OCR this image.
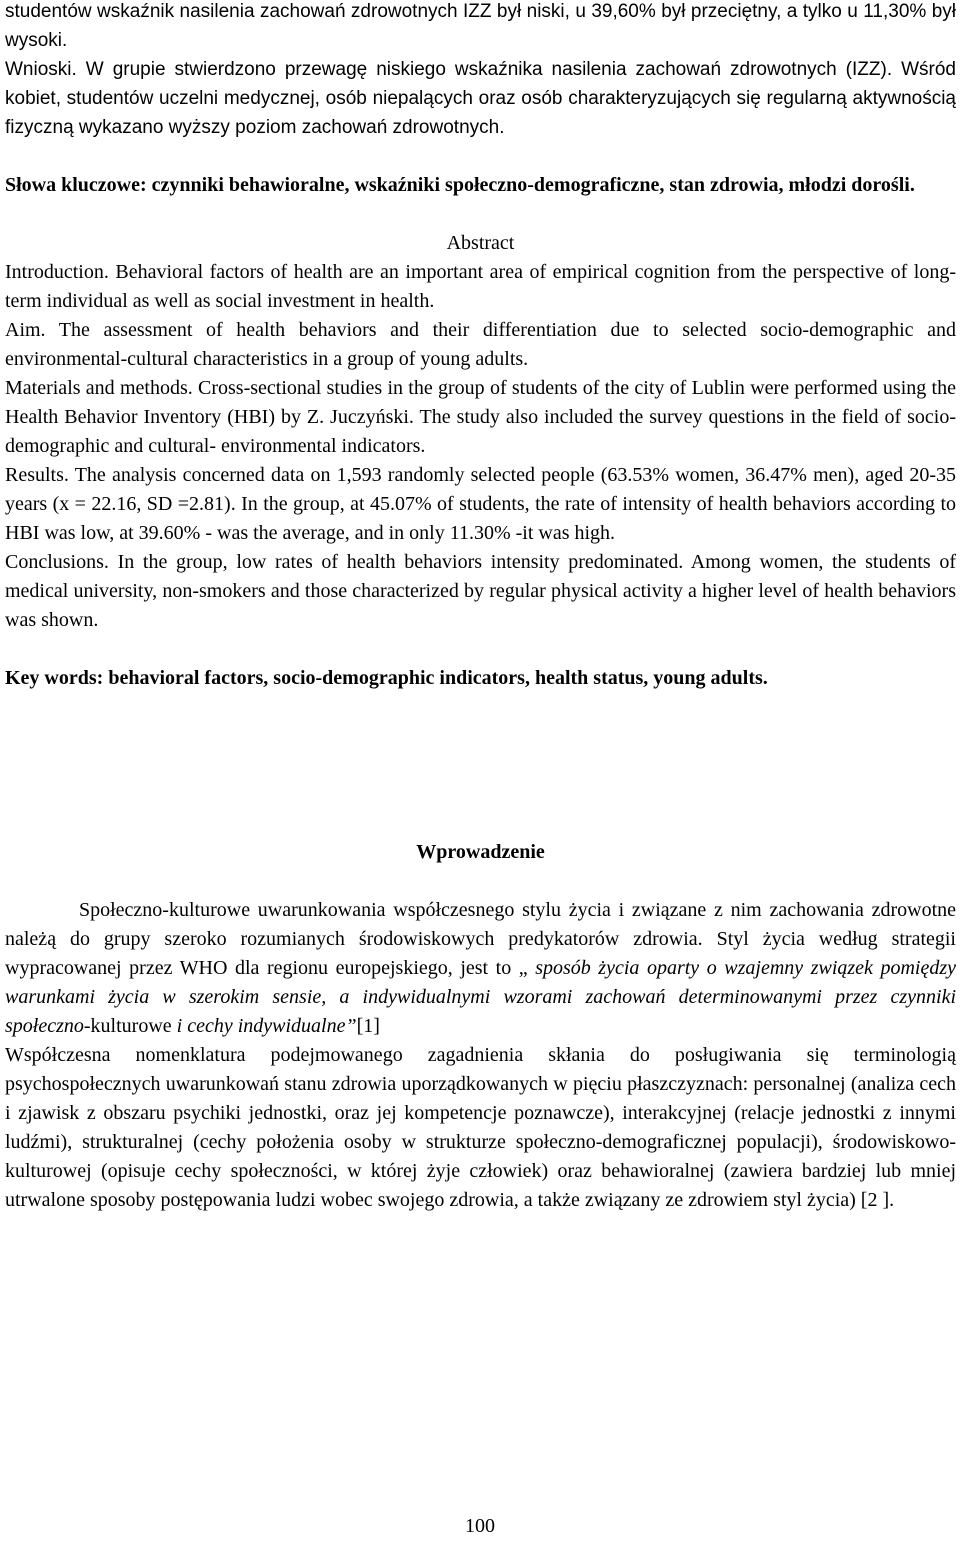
studentów wskaźnik nasilenia zachowań zdrowotnych IZZ był niski, u 39,60% był przeciętny, a tylko u 11,30% był wysoki.

Wnioski. W grupie stwierdzono przewagę niskiego wskaźnika nasilenia zachowań zdrowotnych (IZZ). Wśród kobiet, studentów uczelni medycznej, osób niepalących oraz osób charakteryzujących się regularną aktywnością fizyczną wykazano wyższy poziom zachowań zdrowotnych.

Słowa kluczowe: czynniki behawioralne, wskaźniki społeczno-demograficzne, stan zdrowia, młodzi dorośli.

Abstract

Introduction. Behavioral factors of health are an important area of empirical cognition from the perspective of long-term individual as well as social investment in health.

Aim. The assessment of health behaviors and their differentiation due to selected socio-demographic and environmental-cultural characteristics in a group of young adults.

Materials and methods. Cross-sectional studies in the group of students of the city of Lublin were performed using the Health Behavior Inventory (HBI) by Z. Juczyński. The study also included the survey questions in the field of socio-demographic and cultural- environmental indicators.

Results. The analysis concerned data on 1,593 randomly selected people (63.53% women, 36.47% men), aged 20-35 years (x = 22.16, SD =2.81). In the group, at 45.07% of students, the rate of intensity of health behaviors according to HBI was low, at 39.60% - was the average, and in only 11.30% -it was high.

Conclusions. In the group, low rates of health behaviors intensity predominated. Among women, the students of medical university, non-smokers and those characterized by regular physical activity a higher level of health behaviors was shown.

Key words: behavioral factors, socio-demographic indicators, health status, young adults.

Wprowadzenie

Społeczno-kulturowe uwarunkowania współczesnego stylu życia i związane z nim zachowania zdrowotne należą do grupy szeroko rozumianych środowiskowych predykatorów zdrowia. Styl życia według strategii wypracowanej przez WHO dla regionu europejskiego, jest to „ sposób życia oparty o wzajemny związek pomiędzy warunkami życia w szerokim sensie, a indywidualnymi wzorami zachowań determinowanymi przez czynniki społeczno-kulturowe i cechy indywidualne”[1]

Współczesna nomenklatura podejmowanego zagadnienia skłania do posługiwania się terminologią psychospołecznych uwarunkowań stanu zdrowia uporządkowanych w pięciu płaszczyznach: personalnej (analiza cech i zjawisk z obszaru psychiki jednostki, oraz jej kompetencje poznawcze), interakcyjnej (relacje jednostki z innymi ludźmi), strukturalnej (cechy położenia osoby w strukturze społeczno-demograficznej populacji), środowiskowo-kulturowej (opisuje cechy społeczności, w której żyje człowiek) oraz behawioralnej (zawiera bardziej lub mniej utrwalone sposoby postępowania ludzi wobec swojego zdrowia, a także związany ze zdrowiem styl życia) [2 ].

100
